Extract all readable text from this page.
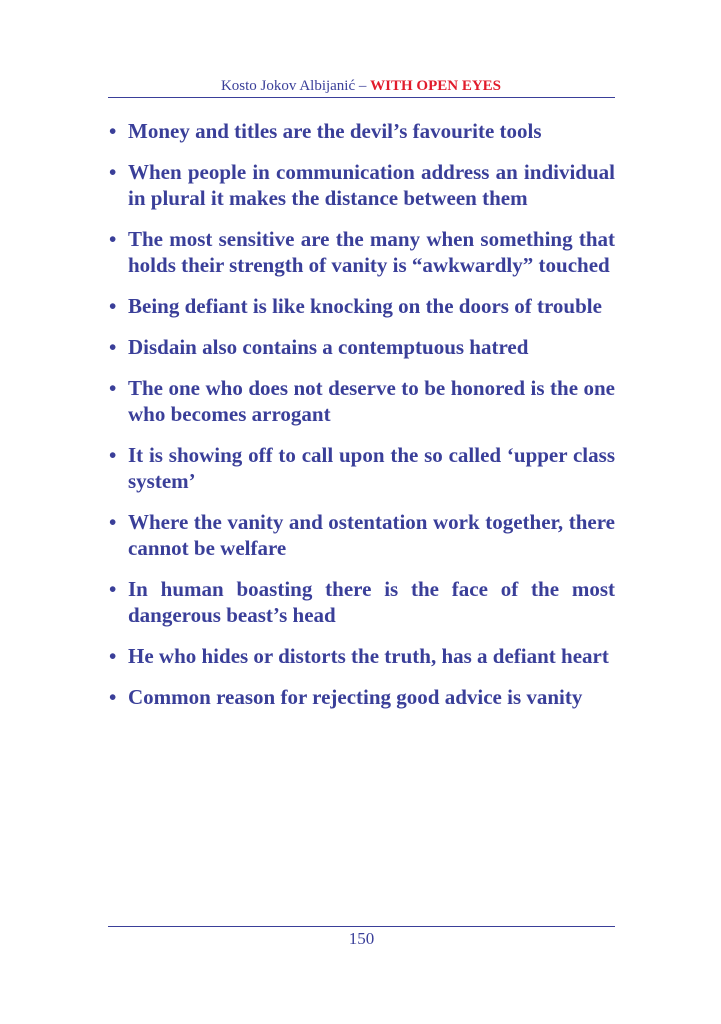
Kosto Jokov Albijanić – WITH OPEN EYES
• Money and titles are the devil’s favourite tools
• When people in communication address an individual in plural it makes the distance between them
• The most sensitive are the many when something that holds their strength of vanity is “awkwardly” touched
• Being defiant is like knocking on the doors of trouble
• Disdain also contains a contemptuous hatred
• The one who does not deserve to be honored is the one who becomes arrogant
• It is showing off to call upon the so called ‘upper class system’
• Where the vanity and ostentation work together, there cannot be welfare
• In human boasting there is the face of the most dangerous beast’s head
• He who hides or distorts the truth, has a defiant heart
• Common reason for rejecting good advice is vanity
150
